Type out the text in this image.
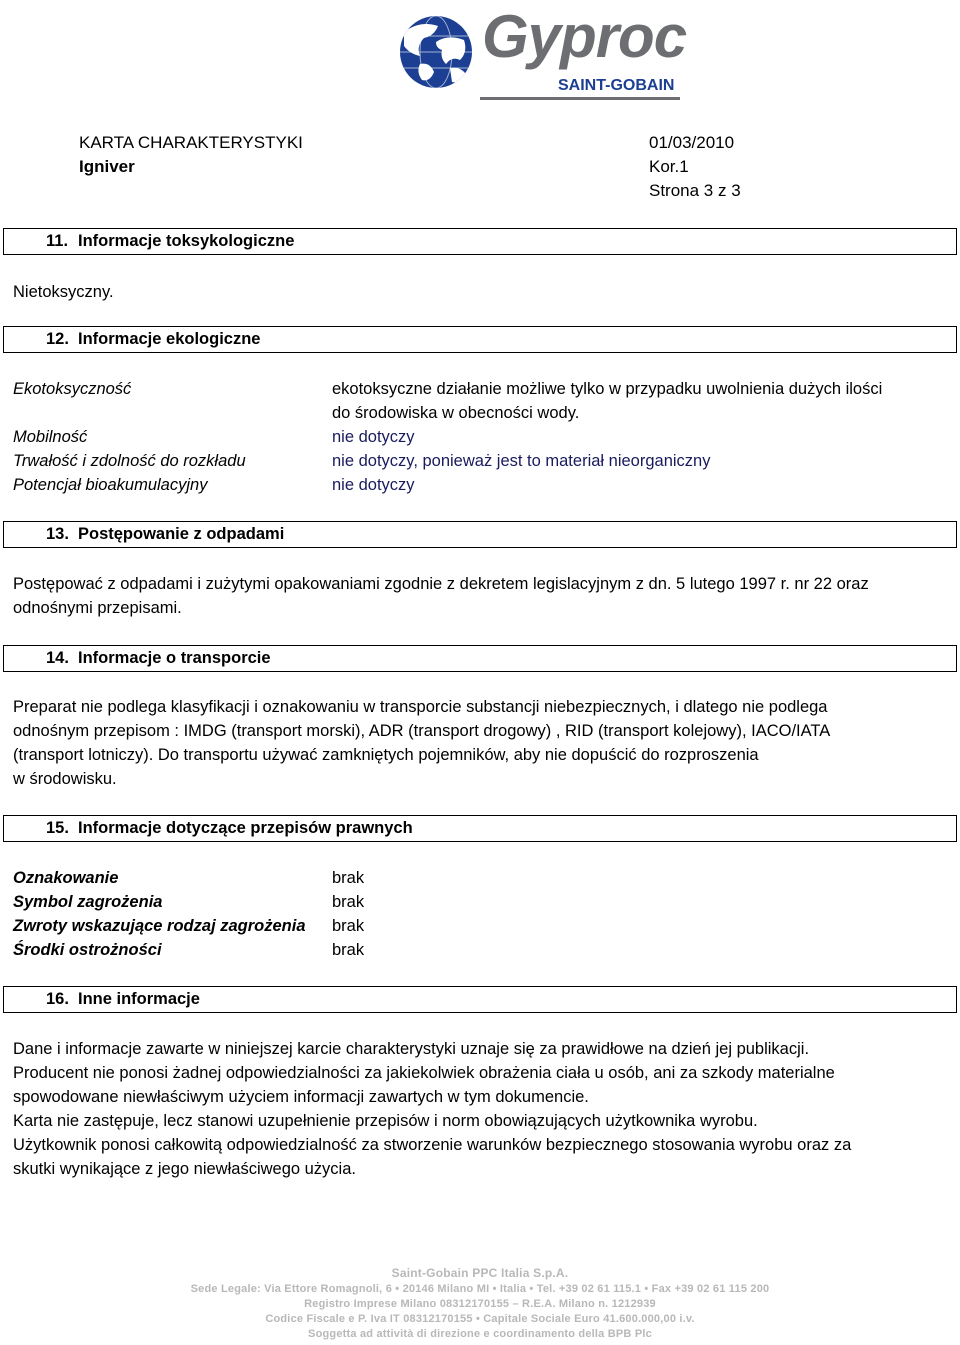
Gyproc
SAINT-GOBAIN
KARTA CHARAKTERYSTYKI
Igniver
01/03/2010
Kor.1
Strona 3 z 3
11. Informacje toksykologiczne
Nietoksyczny.
12. Informacje ekologiczne
Ekotoksyczność	ekotoksyczne działanie możliwe tylko w przypadku uwolnienia dużych ilości
do środowiska w obecności wody.
Mobilność	nie dotyczy
Trwałość i zdolność do rozkładu	nie dotyczy, ponieważ jest to materiał nieorganiczny
Potencjał bioakumulacyjny	nie dotyczy
13. Postępowanie z odpadami
Postępować z odpadami i zużytymi opakowaniami zgodnie z dekretem legislacyjnym z dn. 5 lutego 1997 r. nr 22 oraz
odnośnymi przepisami.
14. Informacje o transporcie
Preparat nie podlega klasyfikacji i oznakowaniu w transporcie substancji niebezpiecznych, i dlatego nie podlega
odnośnym przepisom : IMDG (transport morski), ADR (transport drogowy) , RID (transport kolejowy), IACO/IATA
(transport lotniczy). Do transportu używać zamkniętych pojemników, aby nie dopuścić do rozproszenia
w środowisku.
15. Informacje dotyczące przepisów prawnych
Oznakowanie	brak
Symbol zagrożenia	brak
Zwroty wskazujące rodzaj zagrożenia brak
Środki ostrożności	brak
16. Inne informacje
Dane i informacje zawarte w niniejszej karcie charakterystyki uznaje się za prawidłowe na dzień jej publikacji.
Producent nie ponosi żadnej odpowiedzialności za jakiekolwiek obrażenia ciała u osób, ani za szkody materialne
spowodowane niewłaściwym użyciem informacji zawartych w tym dokumencie.
Karta nie zastępuje, lecz stanowi uzupełnienie przepisów i norm obowiązujących użytkownika wyrobu.
Użytkownik ponosi całkowitą odpowiedzialność za stworzenie warunków bezpiecznego stosowania wyrobu oraz za
skutki wynikające z jego niewłaściwego użycia.
Saint-Gobain PPC Italia S.p.A.
Sede Legale: Via Ettore Romagnoli, 6 • 20146 Milano MI • Italia • Tel. +39 02 61 115.1 • Fax +39 02 61 115 200
Registro Imprese Milano 08312170155 – R.E.A. Milano n. 1212939
Codice Fiscale e P. Iva IT 08312170155 • Capitale Sociale Euro 41.600.000,00 i.v.
Soggetta ad attività di direzione e coordinamento della BPB Plc
